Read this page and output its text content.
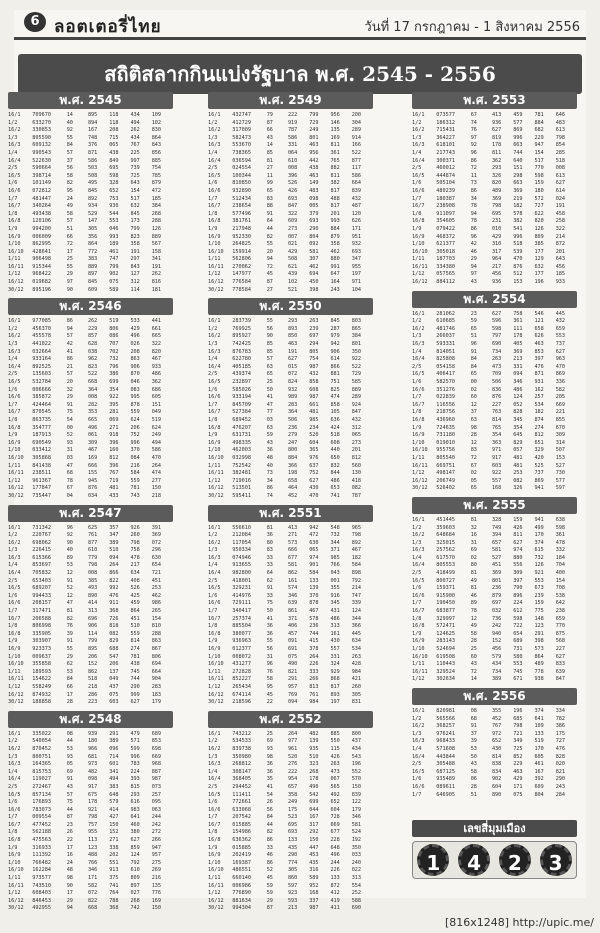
6 ลอตเตอรี่ไทย	วันที่ 17 กรกฎาคม - 1 สิงหาคม 2556
สถิติสลากกินแบ่งรัฐบาล พ.ศ. 2545 - 2556
พ.ศ. 2545
16/1	709670	14	895	118	434	109
1/2	633270	40	894	118	494	102
16/2	330853	92	167	208	262	830
1/3	805590	55	748	715	434	864
16/3	609132	84	376	065	767	843
1/4	990543	57	871	438	225	856
16/4	522630	37	586	849	997	885
2/5	590664	56	503	695	739	754
16/5	398714	58	508	598	725	785
1/6	101149	82	495	328	643	879
16/6	072812	95	845	652	154	472
1/7	481447	24	892	753	517	185
16/7	340264	49	934	930	632	384
1/8	493438	58	529	544	845	268
16/8	120106	57	147	553	173	288
1/9	994200	51	305	046	799	126
16/9	006009	66	356	993	823	889
1/10	862995	72	864	189	358	567
16/10	428641	17	772	461	191	158
1/11	906498	25	383	747	297	341
16/11	915344	55	889	799	843	191
1/12	968422	29	897	902	127	262
16/12	019682	97	845	075	312	816
30/12	895196	90	609	589	114	181
พ.ศ. 2546
16/1	977085	86	262	519	533	441
1/2	456370	94	229	806	429	661
16/2	455578	57	857	086	496	665
1/3	441022	42	628	707	026	322
16/3	032664	41	038	702	208	820
1/4	933164	86	962	732	863	467
16/4	892525	21	823	796	906	933
2/5	135603	57	522	386	870	486
16/5	532784	20	668	699	046	362
1/6	006666	32	364	354	083	686
16/6	385872	29	008	922	995	605
1/7	424464	91	282	395	878	151
16/7	870545	75	353	281	559	049
1/8	863735	54	665	069	624	519
16/8	354777	00	496	271	206	624
1/9	187913	52	061	918	752	249
16/9	690549	93	309	396	996	494
1/10	033412	31	467	160	370	586
16/10	305868	03	169	812	084	470
1/11	841438	47	666	396	216	264
16/11	238511	68	155	767	584	474
1/12	961367	78	945	719	559	277
16/12	177847	67	876	481	781	150
30/12	735447	04	034	433	743	218
พ.ศ. 2547
16/1	731342	96	625	357	926	391
1/2	220767	92	761	347	260	369
16/2	698062	90	877	389	798	072
1/3	226415	40	610	510	758	296
16/3	615366	89	779	094	478	630
1/4	853697	53	798	264	217	654
16/4	705832	12	008	866	634	721
2/5	653403	91	385	822	408	451
16/5	689207	52	493	992	526	253
1/6	994433	12	890	476	425	462
16/6	208157	47	414	911	459	986
1/7	317471	81	313	368	864	265
16/7	206588	82	696	726	451	154
1/8	806998	76	906	818	510	810
16/8	335905	39	114	082	559	288
1/9	303907	91	799	829	814	863
16/9	923373	55	895	688	274	867
1/10	009637	29	206	547	781	806
16/10	355858	62	152	206	438	694
1/11	189593	53	862	137	745	664
16/11	154622	84	518	049	744	904
1/12	558249	66	218	437	290	283
16/12	874932	17	286	075	999	183
30/12	188858	28	223	603	627	179
พ.ศ. 2548
16/1	335022	08	939	291	479	689
1/2	540054	44	180	389	571	853
16/2	870452	53	966	096	599	698
1/3	800751	93	681	714	996	669
16/3	164365	05	973	601	783	968
1/4	815753	69	482	341	224	887
16/4	119027	91	098	494	393	987
2/5	272467	43	917	383	815	073
16/5	857134	57	675	648	293	257
1/6	176893	75	178	579	616	095
16/6	783073	44	921	414	983	063
1/7	009554	87	798	427	641	244
16/7	477452	23	757	150	460	242
1/8	562188	26	955	152	380	272
16/8	475563	22	113	271	627	266
1/9	316933	17	123	338	859	947
16/9	111392	16	488	202	124	957
1/10	766482	24	766	551	792	275
16/10	162284	48	346	913	610	269
1/11	973577	98	171	375	809	216
16/11	743510	90	582	741	897	135
1/12	608403	17	072	764	027	776
16/12	846453	29	822	788	268	169
30/12	492955	94	668	368	742	150
พ.ศ. 2549
16/1	432747	79	222	799	956	200
1/2	412729	87	919	729	146	304
16/2	317009	66	787	249	135	289
1/3	582473	43	586	801	169	914
16/3	553670	14	331	463	811	166
1/4	738365	85	064	956	361	522
16/4	036594	81	610	442	765	877
2/5	024554	27	008	438	882	117
16/5	100344	11	396	463	811	586
1/6	810850	99	526	149	382	664
16/6	932890	65	426	483	817	839
1/7	512434	83	693	098	488	432
16/7	238654	88	847	005	817	487
1/8	577496	91	322	379	201	120
16/8	381761	64	609	693	993	626
1/9	217948	44	273	290	884	171
16/9	952330	82	007	804	879	951
1/10	264825	55	021	092	358	932
16/10	159914	20	429	581	462	693
1/11	562806	94	508	307	880	347
16/11	270062	72	621	462	991	955
1/12	147977	45	439	694	647	197
16/12	776584	87	102	450	164	971
30/12	778584	27	521	398	243	104
พ.ศ. 2550
16/1	283739	55	293	263	845	803
1/2	769925	56	893	239	287	865
16/2	895927	90	850	697	979	384
1/3	742425	85	463	294	942	801
16/3	876783	85	191	805	906	350
1/4	622780	57	627	754	614	922
16/4	405185	63	015	987	866	522
2/5	439374	65	072	432	881	729
16/5	232897	25	824	858	751	585
1/6	585026	50	932	608	825	889
16/6	933194	41	989	987	474	289
1/7	845709	47	283	661	858	924
16/7	527384	77	364	481	105	847
1/8	689452	03	506	985	636	432
16/8	476207	63	236	234	424	312
1/9	631731	59	279	520	518	065
16/9	498335	43	247	604	608	273
1/10	462003	36	800	365	440	201
16/10	032998	48	884	976	650	812
1/11	752542	40	366	637	832	560
16/11	382481	73	198	752	844	130
1/12	719016	34	658	627	486	418
16/12	513501	86	464	430	653	082
30/12	595411	74	452	470	741	787
พ.ศ. 2551
16/1	556610	81	413	942	548	965
1/2	212084	36	271	472	732	798
16/2	117054	80	573	630	344	892
1/3	950334	83	666	065	371	467
16/3	074946	33	677	974	985	182
1/4	913655	33	581	901	766	584
16/4	982800	64	862	584	043	898
2/5	418001	62	161	133	001	792
16/5	329231	91	574	139	355	214
1/6	414976	33	346	370	916	747
16/6	729111	75	639	878	345	339
1/7	340417	50	861	467	431	124
16/7	257374	41	371	578	486	344
1/8	885504	36	406	236	313	366
16/8	380077	36	457	744	161	445
1/9	936963	55	091	415	430	634
16/9	012377	56	691	378	557	534
1/10	008072	31	075	264	331	263
16/10	431277	96	490	226	324	428
1/11	272828	76	821	333	929	984
16/11	852227	58	291	266	868	421
1/12	265434	95	957	813	817	260
16/12	674114	45	769	761	893	305
30/12	218596	22	094	984	197	831
พ.ศ. 2552
16/1	743212	25	264	482	885	800
1/2	534533	69	977	139	550	437
16/2	839738	93	961	935	115	434
1/3	350980	98	520	510	426	543
16/3	268812	36	276	323	263	196
1/4	308147	36	222	268	473	552
16/4	368405	35	954	178	067	570
2/5	294452	41	657	490	565	150
16/5	111411	54	358	542	492	839
1/6	772661	26	249	699	652	122
16/6	633068	56	175	044	604	179
1/7	207542	84	523	167	728	346
16/7	015885	44	695	317	669	581
1/8	154986	82	693	292	677	524
16/8	636362	86	133	150	228	192
1/9	015885	33	435	447	648	350
16/9	202419	46	290	453	496	033
1/10	169387	86	774	435	244	240
16/10	486551	52	305	316	226	022
1/11	660140	45	860	589	133	313
16/11	006986	59	597	952	872	554
1/12	776890	59	923	168	412	252
16/12	881634	29	593	337	419	588
30/12	994304	87	213	987	411	690
พ.ศ. 2553
16/1	073577	67	413	459	781	646
1/2	186312	74	936	577	884	483
16/2	715431	76	627	869	682	613
1/3	364227	97	819	996	229	798
16/3	618101	92	178	663	947	854
1/4	217743	96	811	744	154	285
16/4	300371	86	362	640	517	518
2/5	460012	72	293	151	770	008
16/5	444874	11	326	298	598	613
1/6	505104	73	820	663	159	627
16/6	480239	86	489	369	180	614
1/7	180387	34	369	219	572	024
16/7	238908	78	798	182	727	191
1/8	911097	94	695	578	622	458
16/8	354605	78	231	382	820	258
1/9	079422	86	010	541	126	322
16/9	468372	96	429	996	809	214
1/10	621377	42	310	518	385	872
16/10	305018	46	317	539	177	201
1/11	187703	29	964	470	129	643
16/11	334380	94	217	876	632	456
1/12	057565	97	456	512	177	185
16/12	884112	43	936	153	196	933
พ.ศ. 2554
16/1	281062	23	627	758	546	445
1/2	610685	59	596	361	121	432
16/2	481746	65	598	111	658	659
1/3	266037	51	797	178	626	553
16/3	593331	96	690	405	463	737
1/4	814051	91	734	369	853	627
16/4	825808	84	263	213	397	963
2/5	054158	84	473	331	476	470
16/5	406417	65	709	094	871	869
1/6	582570	00	506	346	931	336
16/6	351276	02	836	486	162	582
1/7	022839	60	876	124	257	205
16/7	116556	12	227	052	534	669
1/8	218756	37	763	828	182	221
16/8	436960	63	814	345	874	855
1/9	724635	98	765	354	274	670
16/9	731180	28	354	645	812	309
1/10	019010	12	363	829	651	314
16/10	955756	83	971	057	329	507
1/11	805540	72	917	481	420	153
16/11	669751	67	603	481	525	527
1/12	498147	02	922	253	737	730
16/12	206749	05	557	082	869	577
30/12	526402	65	168	326	941	597
พ.ศ. 2555
16/1	451445	81	328	159	941	638
1/2	359603	32	749	426	499	598
16/2	648684	16	394	811	170	361
1/3	325015	31	657	627	374	478
16/3	257562	69	581	974	615	332
1/4	617570	02	527	880	732	184
16/4	805553	80	451	556	126	704
2/5	418499	81	369	309	921	400
16/5	800727	49	801	397	553	154
1/6	159371	81	236	790	673	708
16/6	915900	46	879	896	239	538
1/7	190450	89	697	224	159	642
16/7	683877	78	032	612	775	238
1/8	329997	12	736	598	148	659
16/8	572471	49	242	722	123	770
1/9	124625	58	940	654	291	875
16/9	283143	28	152	689	398	568
1/10	524694	25	456	731	573	227
16/10	619508	60	579	580	864	627
1/11	110443	43	434	553	489	833
16/11	329524	72	734	745	778	639
1/12	302634	14	389	671	938	847
พ.ศ. 2556
16/1	820981	08	355	196	374	334
1/2	565566	68	452	685	641	782
16/2	368257	91	767	798	109	386
1/3	976241	37	972	721	133	175
16/3	968433	39	652	349	519	727
1/4	571608	53	430	725	170	476
16/4	443844	50	814	852	605	828
2/5	305488	43	838	229	461	020
16/5	687125	58	834	463	167	821
1/6	935489	06	902	429	392	290
16/6	089611	28	604	171	609	243
1/7	646905	51	890	075	804	284
เลขสี่มุมเมือง
1	4	2	3
[816x1248] http://upic.me/
